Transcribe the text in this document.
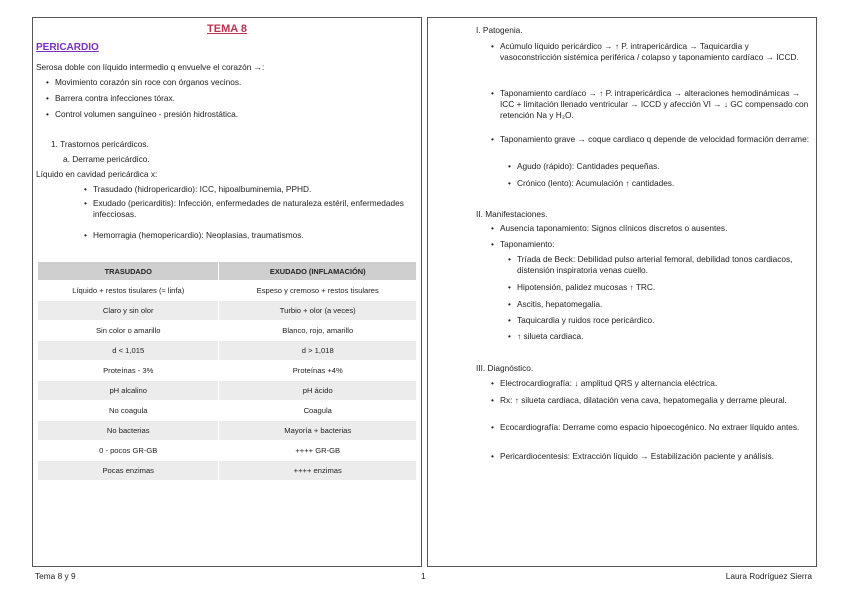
TEMA 8
PERICARDIO
Serosa doble con líquido intermedio q envuelve el corazón →:
• Movimiento corazón sin roce con órganos vecinos.
• Barrera contra infecciones tórax.
• Control volumen sanguíneo - presión hidrostática.
1. Trastornos pericárdicos.
a. Derrame pericárdico.
Líquido en cavidad pericárdica x:
• Trasudado (hidropericardio): ICC, hipoalbuminemia, PPHD.
• Exudado (pericarditis): Infección, enfermedades de naturaleza estéril, enfermedades infecciosas.
• Hemorragia (hemopericardio): Neoplasias, traumatismos.
TRASUDADO	EXUDADO (INFLAMACIÓN)
Líquido + restos tisulares (≈ linfa)	Espeso y cremoso + restos tisulares
Claro y sin olor	Turbio + olor (a veces)
Sin color o amarillo	Blanco, rojo, amarillo
d < 1,015	d > 1,018
Proteínas - 3%	Proteínas +4%
pH alcalino	pH ácido
No coagula	Coagula
No bacterias	Mayoría + bacterias
0 - pocos GR-GB	++++ GR-GB
Pocas enzimas	++++ enzimas
I. Patogenia.
• Acúmulo líquido pericárdico → ↑ P. intrapericárdica → Taquicardia y vasoconstricción sistémica periférica / colapso y taponamiento cardíaco → ICCD.
• Taponamiento cardíaco → ↑ P. intrapericárdica → alteraciones hemodinámicas → ICC + limitación llenado ventricular → ICCD y afección VI → ↓ GC compensado con retención Na y H₂O.
• Taponamiento grave → coque cardiaco q depende de velocidad formación derrame:
• Agudo (rápido): Cantidades pequeñas.
• Crónico (lento): Acumulación ↑ cantidades.
II. Manifestaciones.
• Ausencia taponamiento: Signos clínicos discretos o ausentes.
• Taponamiento:
• Tríada de Beck: Debilidad pulso arterial femoral, debilidad tonos cardiacos, distensión inspiratoria venas cuello.
• Hipotensión, palidez mucosas ↑ TRC.
• Ascitis, hepatomegalia.
• Taquicardia y ruidos roce pericárdico.
• ↑ silueta cardiaca.
III. Diagnóstico.
• Electrocardiografía: ↓ amplitud QRS y alternancia eléctrica.
• Rx: ↑ silueta cardiaca, dilatación vena cava, hepatomegalia y derrame pleural.
• Ecocardiografía: Derrame como espacio hipoecogénico. No extraer líquido antes.
• Pericardiocentesis: Extracción líquido → Estabilización paciente y análisis.
Tema 8 y 9	1	Laura Rodríguez Sierra
